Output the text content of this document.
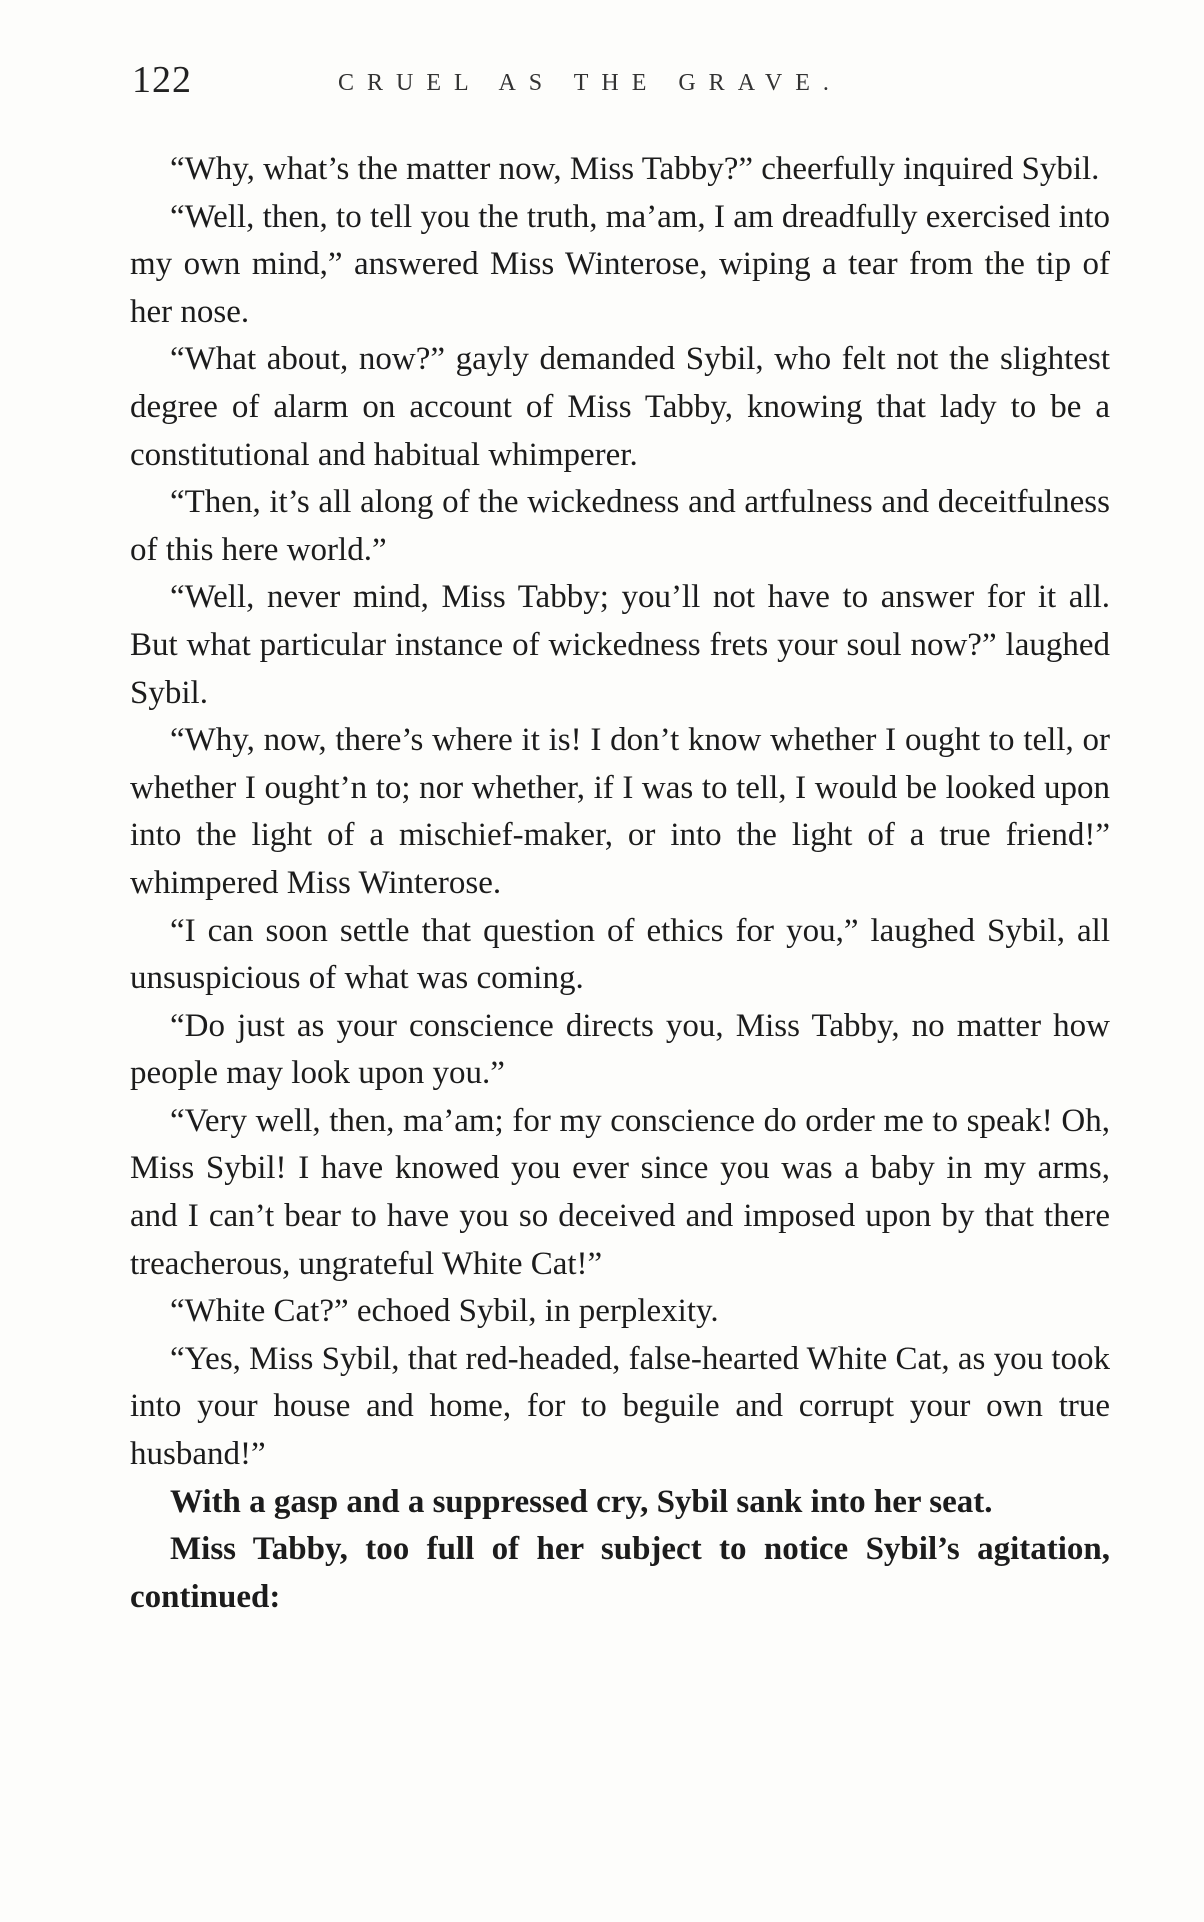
122	CRUEL AS THE GRAVE.

“Why, what’s the matter now, Miss Tabby?” cheerfully inquired Sybil.

“Well, then, to tell you the truth, ma’am, I am dreadfully exercised into my own mind,” answered Miss Winterose, wiping a tear from the tip of her nose.

“What about, now?” gayly demanded Sybil, who felt not the slightest degree of alarm on account of Miss Tabby, knowing that lady to be a constitutional and habitual whimperer.

“Then, it’s all along of the wickedness and artfulness and deceitfulness of this here world.”

“Well, never mind, Miss Tabby; you’ll not have to answer for it all. But what particular instance of wickedness frets your soul now?” laughed Sybil.

“Why, now, there’s where it is! I don’t know whether I ought to tell, or whether I ought’n to; nor whether, if I was to tell, I would be looked upon into the light of a mischief-maker, or into the light of a true friend!” whimpered Miss Winterose.

“I can soon settle that question of ethics for you,” laughed Sybil, all unsuspicious of what was coming.

“Do just as your conscience directs you, Miss Tabby, no matter how people may look upon you.”

“Very well, then, ma’am; for my conscience do order me to speak! Oh, Miss Sybil! I have knowed you ever since you was a baby in my arms, and I can’t bear to have you so deceived and imposed upon by that there treacherous, ungrateful White Cat!”

“White Cat?” echoed Sybil, in perplexity.

“Yes, Miss Sybil, that red-headed, false-hearted White Cat, as you took into your house and home, for to beguile and corrupt your own true husband!”

With a gasp and a suppressed cry, Sybil sank into her seat.

Miss Tabby, too full of her subject to notice Sybil’s agitation, continued:
